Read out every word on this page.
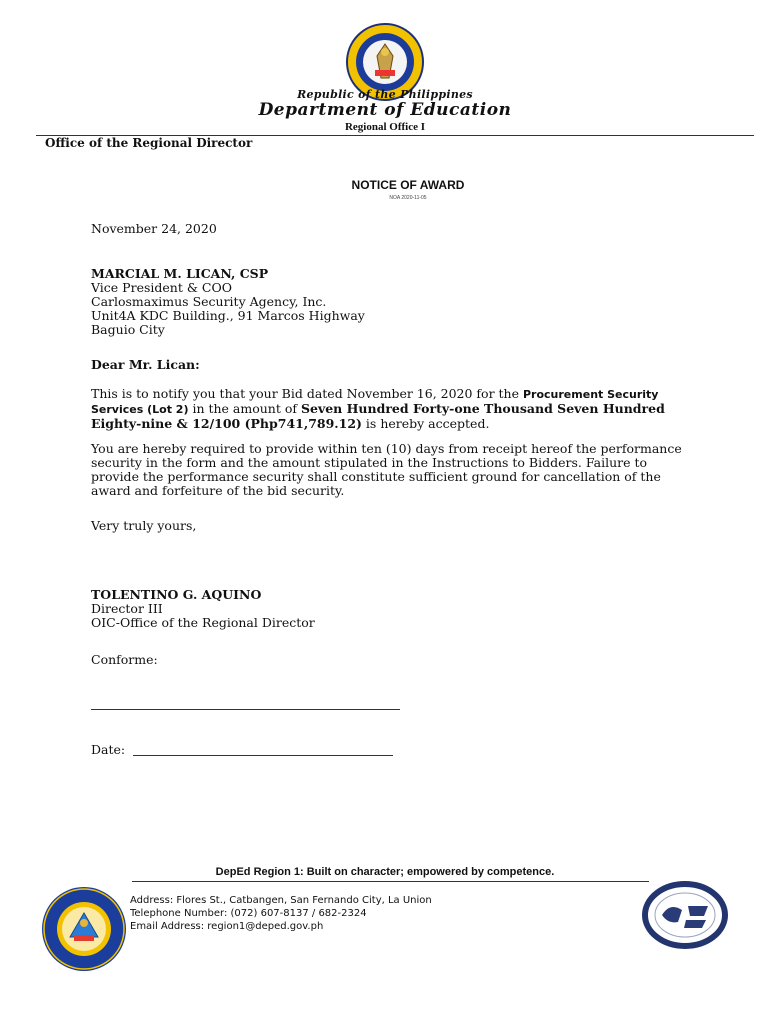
Republic of the Philippines
Department of Education
Regional Office I
Office of the Regional Director
NOTICE OF AWARD
NOA 2020-11-05
November 24, 2020
MARCIAL M. LICAN, CSP
Vice President & COO
Carlosmaximus Security Agency, Inc.
Unit4A KDC Building., 91 Marcos Highway
Baguio City
Dear Mr. Lican:
This is to notify you that your Bid dated November 16, 2020 for the Procurement Security Services (Lot 2) in the amount of Seven Hundred Forty-one Thousand Seven Hundred Eighty-nine & 12/100 (Php741,789.12) is hereby accepted.
You are hereby required to provide within ten (10) days from receipt hereof the performance security in the form and the amount stipulated in the Instructions to Bidders. Failure to provide the performance security shall constitute sufficient ground for cancellation of the award and forfeiture of the bid security.
Very truly yours,
TOLENTINO G. AQUINO
Director III
OIC-Office of the Regional Director
Conforme:
Date:
DepEd Region 1: Built on character; empowered by competence.
Address: Flores St., Catbangen, San Fernando City, La Union
Telephone Number: (072) 607-8137 / 682-2324
Email Address: region1@deped.gov.ph
